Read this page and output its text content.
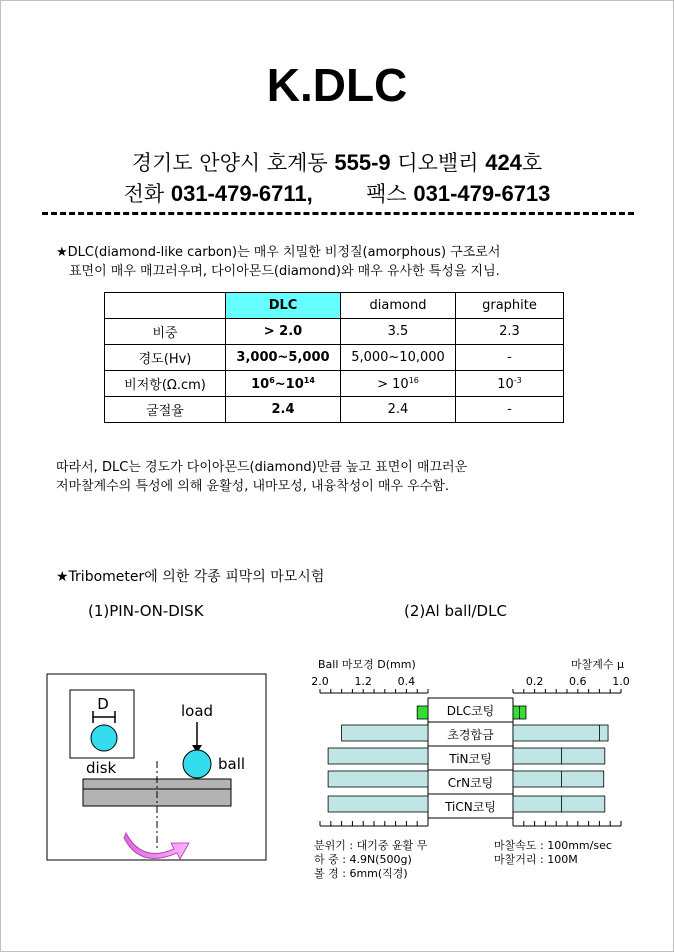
K.DLC
경기도 안양시 호계동 555-9 디오밸리 424호
전화 031-479-6711,	팩스 031-479-6713
★DLC(diamond-like carbon)는 매우 치밀한 비정질(amorphous) 구조로서
표면이 매우 매끄러우며, 다이아몬드(diamond)와 매우 유사한 특성을 지님.
	DLC	diamond	graphite
비중	> 2.0	3.5	2.3
경도(Hv)	3,000~5,000	5,000~10,000	-
비저항(Ω.cm)	$10^6\sim 10^{14}$	> $10^{16}$	$10^{-3}$
굴절율	2.4	2.4	-
따라서, DLC는 경도가 다이아몬드(diamond)만큼 높고 표면이 매끄러운
저마찰계수의 특성에 의해 윤활성, 내마모성, 내융착성이 매우 우수함.
★Tribometer에 의한 각종 피막의 마모시험
(1)PIN-ON-DISK	(2)Al ball/DLC
D	load
ball
disk
Ball 마모경 D(mm)	마찰계수 μ
2.0 1.2 0.4	0.2 0.6 1.0
DLC코팅
초경합금
TiN코팅
CrN코팅
TiCN코팅
분위기 : 대기중 윤활 무
하 중 : 4.9N(500g)
볼 경 : 6mm(직경)
마찰속도 : 100mm/sec
마찰거리 : 100M
